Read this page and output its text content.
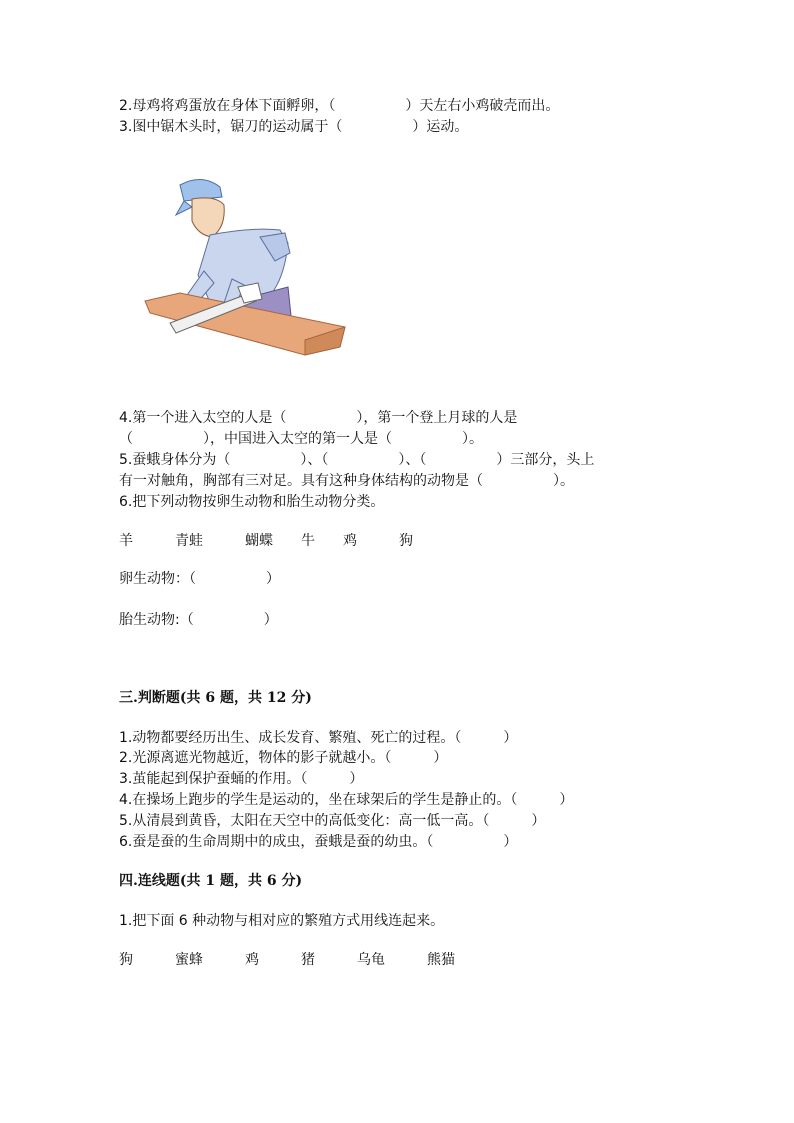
2.母鸡将鸡蛋放在身体下面孵卵，（　　　　　）天左右小鸡破壳而出。
3.图中锯木头时，锯刀的运动属于（　　　　　）运动。
4.第一个进入太空的人是（　　　　　），第一个登上月球的人是
（　　　　　），中国进入太空的第一人是（　　　　　）。
5.蚕蛾身体分为（　　　　　）、（　　　　　）、（　　　　　）三部分，头上
有一对触角，胸部有三对足。具有这种身体结构的动物是（　　　　　）。
6.把下列动物按卵生动物和胎生动物分类。
羊　　　青蛙　　　蝴蝶　　牛　　鸡　　　狗
卵生动物：（　　　　　）
胎生动物:（　　　　　）
三.判断题(共 6 题，共 12 分)
1.动物都要经历出生、成长发育、繁殖、死亡的过程。（　　　）
2.光源离遮光物越近，物体的影子就越小。（　　　）
3.茧能起到保护蚕蛹的作用。（　　　）
4.在操场上跑步的学生是运动的，坐在球架后的学生是静止的。（　　　）
5.从清晨到黄昏，太阳在天空中的高低变化：高一低一高。（　　　）
6.蚕是蚕的生命周期中的成虫，蚕蛾是蚕的幼虫。（　　　　　）
四.连线题(共 1 题，共 6 分)
1.把下面 6 种动物与相对应的繁殖方式用线连起来。
狗　　　蜜蜂　　　鸡　　　猪　　　乌龟　　　熊猫
